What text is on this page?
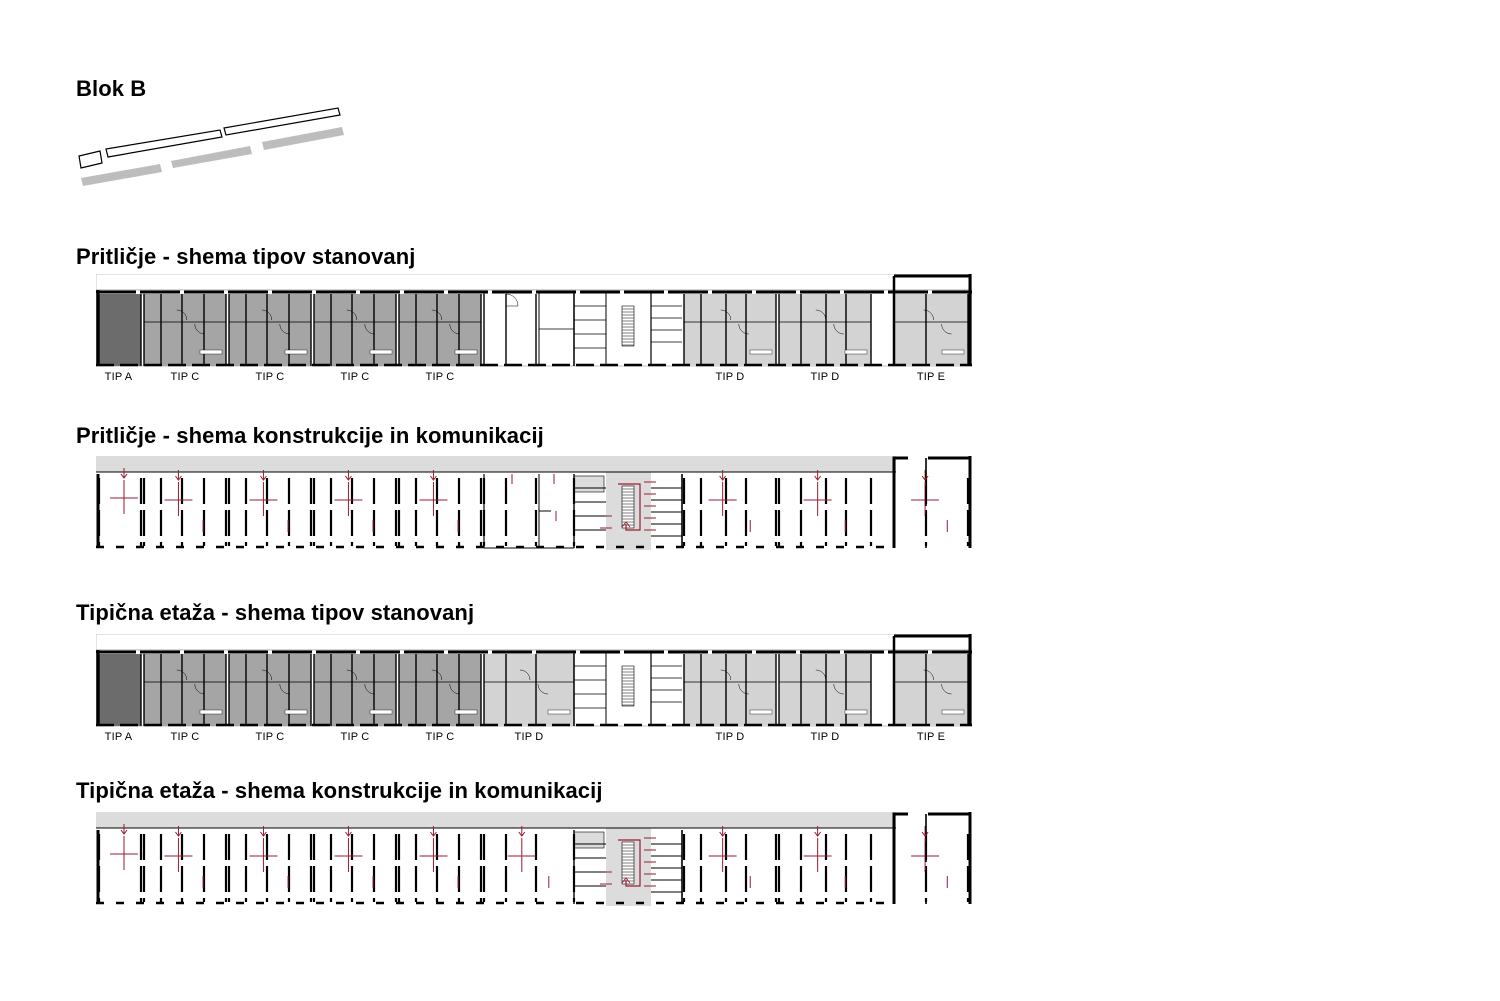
Blok B
Pritličje - shema tipov stanovanj
TIP A	TIP C	TIP C	TIP C	TIP C	TIP D	TIP D	TIP E
Pritličje - shema konstrukcije in komunikacij
Tipična etaža - shema tipov stanovanj
TIP A	TIP C	TIP C	TIP C	TIP C	TIP D	TIP D	TIP D	TIP E
Tipična etaža - shema konstrukcije in komunikacij
